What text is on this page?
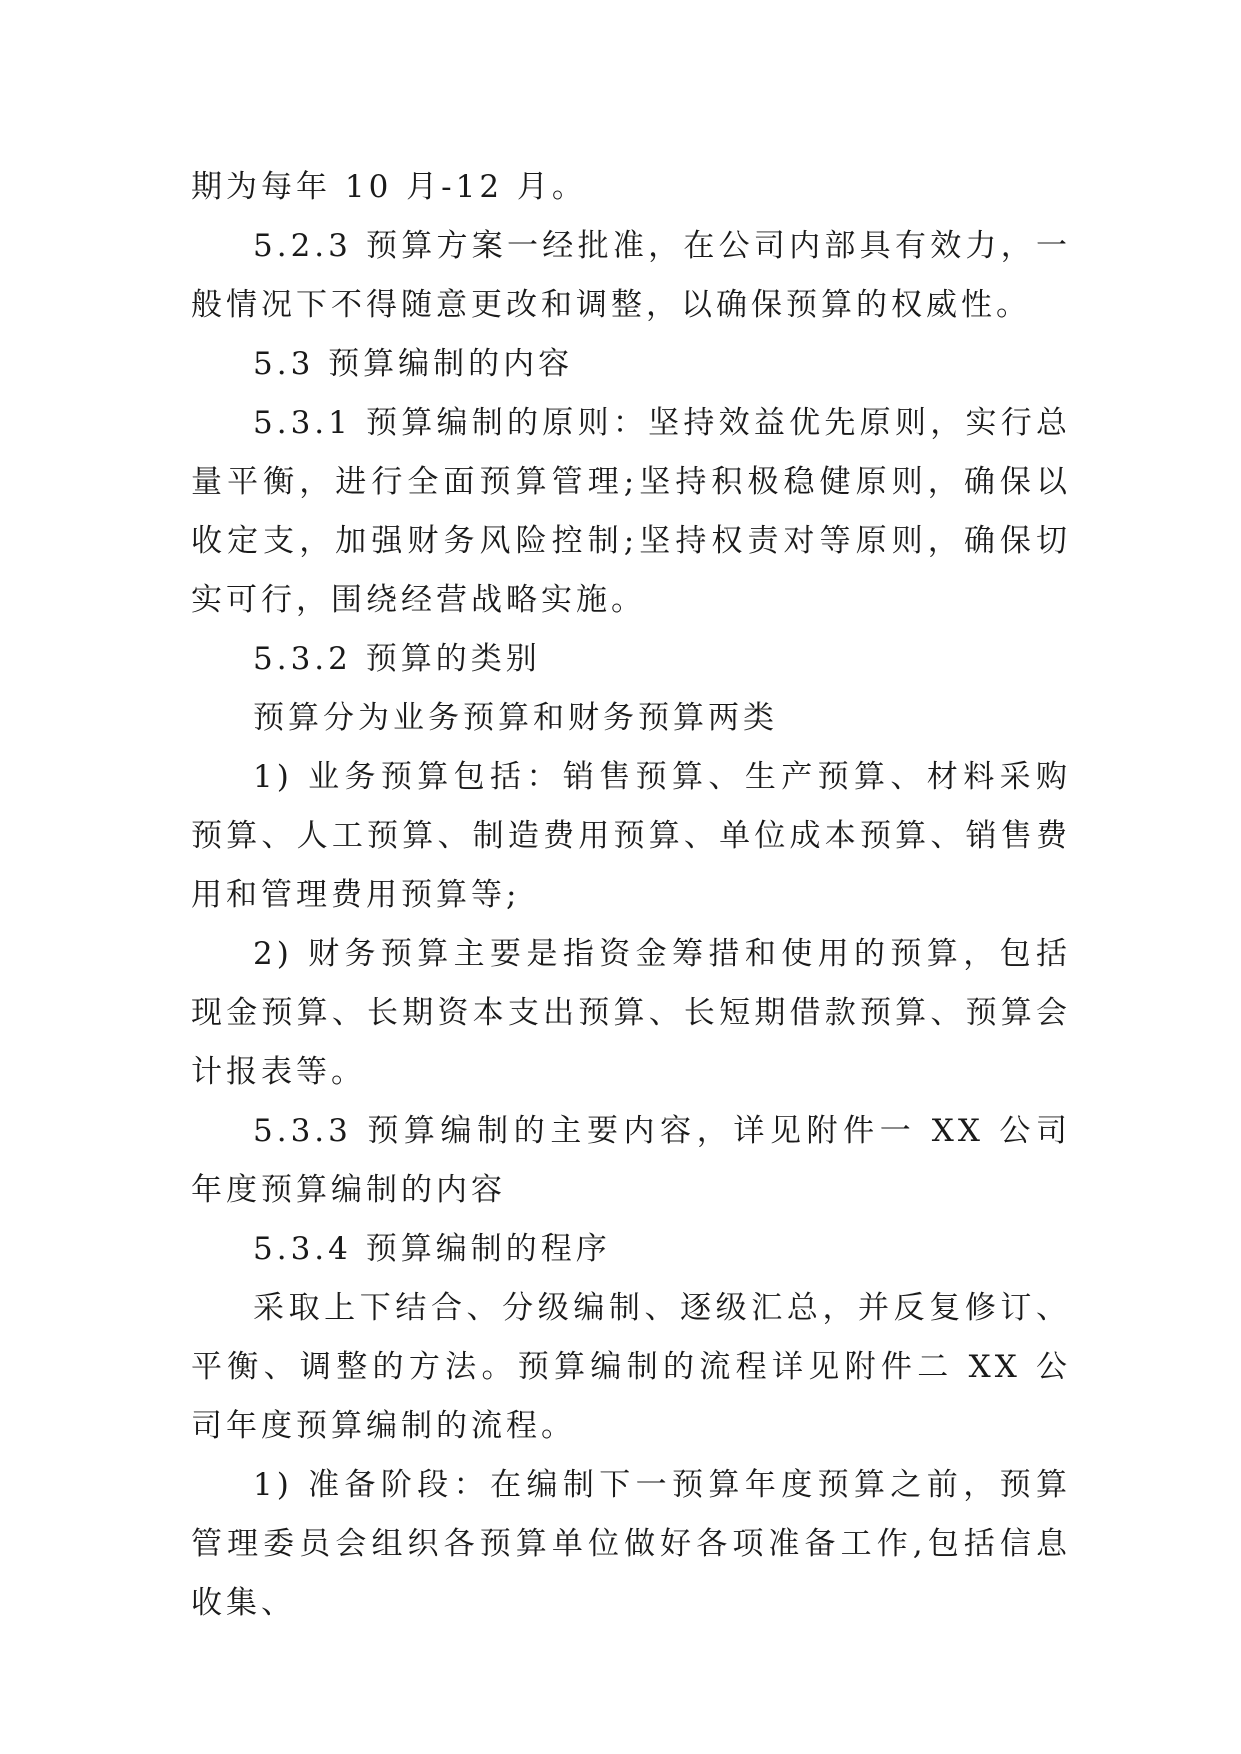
期为每年 10 月-12 月。

5.2.3 预算方案一经批准，在公司内部具有效力，一般情况下不得随意更改和调整，以确保预算的权威性。

5.3 预算编制的内容

5.3.1 预算编制的原则：坚持效益优先原则，实行总量平衡，进行全面预算管理;坚持积极稳健原则，确保以收定支，加强财务风险控制;坚持权责对等原则，确保切实可行，围绕经营战略实施。

5.3.2 预算的类别

预算分为业务预算和财务预算两类

1) 业务预算包括：销售预算、生产预算、材料采购预算、人工预算、制造费用预算、单位成本预算、销售费用和管理费用预算等;

2) 财务预算主要是指资金筹措和使用的预算，包括现金预算、长期资本支出预算、长短期借款预算、预算会计报表等。

5.3.3 预算编制的主要内容，详见附件一 XX 公司年度预算编制的内容

5.3.4 预算编制的程序

采取上下结合、分级编制、逐级汇总，并反复修订、平衡、调整的方法。预算编制的流程详见附件二 XX 公司年度预算编制的流程。

1) 准备阶段：在编制下一预算年度预算之前，预算管理委员会组织各预算单位做好各项准备工作,包括信息收集、
